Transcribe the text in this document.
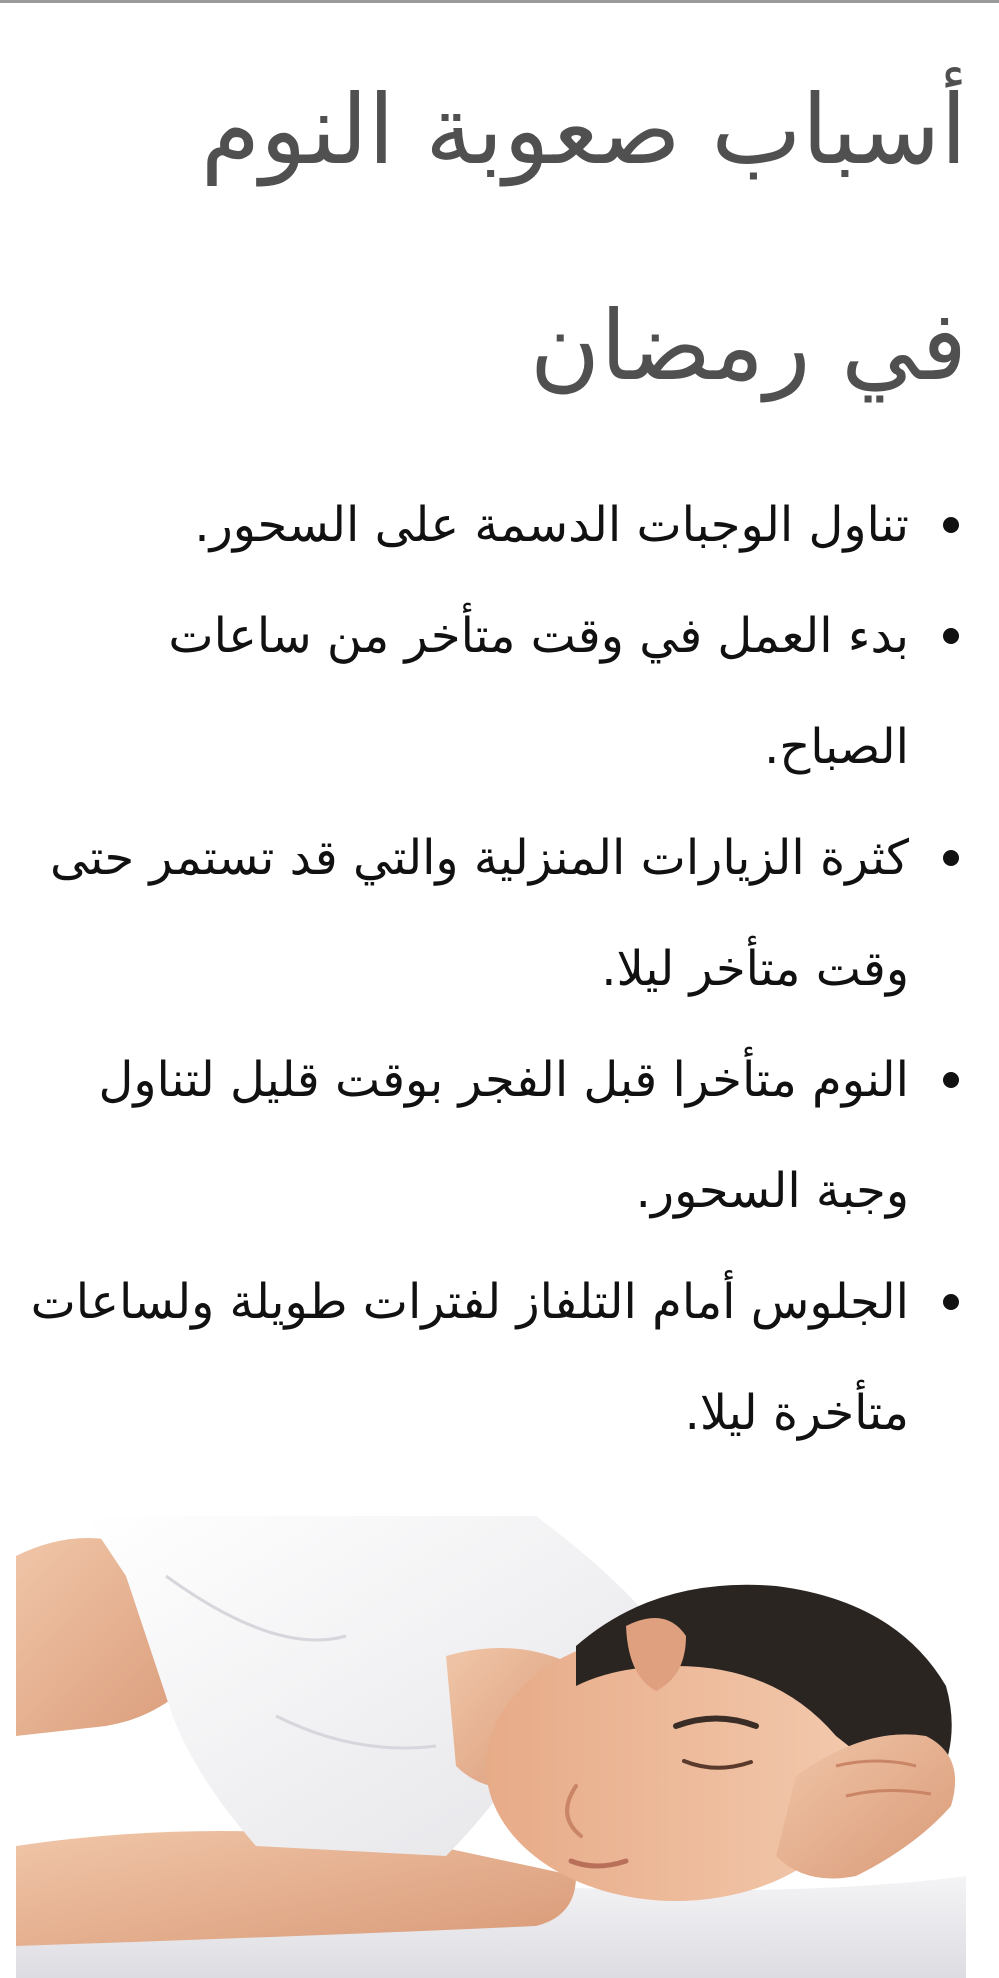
أسباب صعوبة النوم في رمضان
تناول الوجبات الدسمة على السحور.
بدء العمل في وقت متأخر من ساعات الصباح.
كثرة الزيارات المنزلية والتي قد تستمر حتى وقت متأخر ليلا.
النوم متأخرا قبل الفجر بوقت قليل لتناول وجبة السحور.
الجلوس أمام التلفاز لفترات طويلة ولساعات متأخرة ليلا.
